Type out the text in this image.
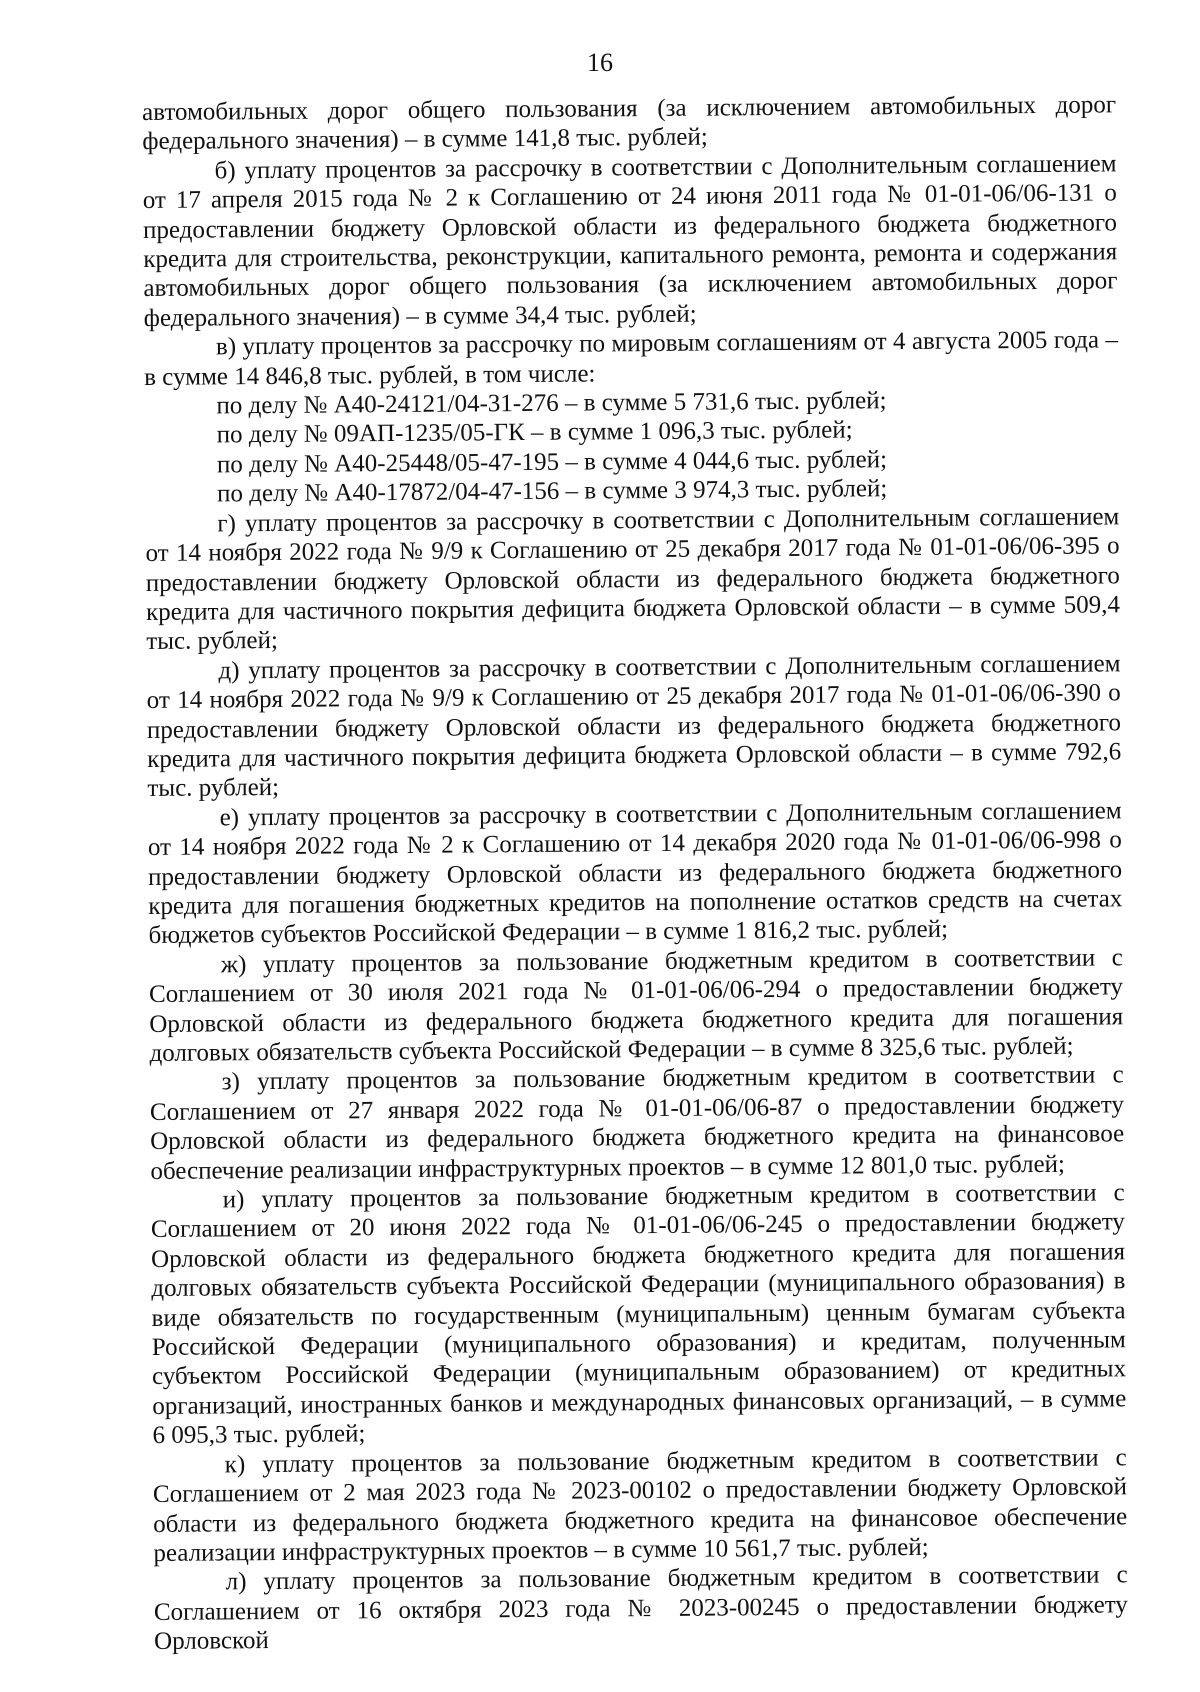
16

автомобильных дорог общего пользования (за исключением автомобильных дорог федерального значения) – в сумме 141,8 тыс. рублей;

б) уплату процентов за рассрочку в соответствии с Дополнительным соглашением от 17 апреля 2015 года № 2 к Соглашению от 24 июня 2011 года № 01-01-06/06-131 о предоставлении бюджету Орловской области из федерального бюджета бюджетного кредита для строительства, реконструкции, капитального ремонта, ремонта и содержания автомобильных дорог общего пользования (за исключением автомобильных дорог федерального значения) – в сумме 34,4 тыс. рублей;

в) уплату процентов за рассрочку по мировым соглашениям от 4 августа 2005 года – в сумме 14 846,8 тыс. рублей, в том числе:

по делу № А40-24121/04-31-276 – в сумме 5 731,6 тыс. рублей;

по делу № 09АП-1235/05-ГК – в сумме 1 096,3 тыс. рублей;

по делу № А40-25448/05-47-195 – в сумме 4 044,6 тыс. рублей;

по делу № А40-17872/04-47-156 – в сумме 3 974,3 тыс. рублей;

г) уплату процентов за рассрочку в соответствии с Дополнительным соглашением от 14 ноября 2022 года № 9/9 к Соглашению от 25 декабря 2017 года № 01-01-06/06-395 о предоставлении бюджету Орловской области из федерального бюджета бюджетного кредита для частичного покрытия дефицита бюджета Орловской области – в сумме 509,4 тыс. рублей;

д) уплату процентов за рассрочку в соответствии с Дополнительным соглашением от 14 ноября 2022 года № 9/9 к Соглашению от 25 декабря 2017 года № 01-01-06/06-390 о предоставлении бюджету Орловской области из федерального бюджета бюджетного кредита для частичного покрытия дефицита бюджета Орловской области – в сумме 792,6 тыс. рублей;

е) уплату процентов за рассрочку в соответствии с Дополнительным соглашением от 14 ноября 2022 года № 2 к Соглашению от 14 декабря 2020 года № 01-01-06/06-998 о предоставлении бюджету Орловской области из федерального бюджета бюджетного кредита для погашения бюджетных кредитов на пополнение остатков средств на счетах бюджетов субъектов Российской Федерации – в сумме 1 816,2 тыс. рублей;

ж) уплату процентов за пользование бюджетным кредитом в соответствии с Соглашением от 30 июля 2021 года № 01-01-06/06-294 о предоставлении бюджету Орловской области из федерального бюджета бюджетного кредита для погашения долговых обязательств субъекта Российской Федерации – в сумме 8 325,6 тыс. рублей;

з) уплату процентов за пользование бюджетным кредитом в соответствии с Соглашением от 27 января 2022 года № 01-01-06/06-87 о предоставлении бюджету Орловской области из федерального бюджета бюджетного кредита на финансовое обеспечение реализации инфраструктурных проектов – в сумме 12 801,0 тыс. рублей;

и) уплату процентов за пользование бюджетным кредитом в соответствии с Соглашением от 20 июня 2022 года № 01-01-06/06-245 о предоставлении бюджету Орловской области из федерального бюджета бюджетного кредита для погашения долговых обязательств субъекта Российской Федерации (муниципального образования) в виде обязательств по государственным (муниципальным) ценным бумагам субъекта Российской Федерации (муниципального образования) и кредитам, полученным субъектом Российской Федерации (муниципальным образованием) от кредитных организаций, иностранных банков и международных финансовых организаций, – в сумме 6 095,3 тыс. рублей;

к) уплату процентов за пользование бюджетным кредитом в соответствии с Соглашением от 2 мая 2023 года № 2023-00102 о предоставлении бюджету Орловской области из федерального бюджета бюджетного кредита на финансовое обеспечение реализации инфраструктурных проектов – в сумме 10 561,7 тыс. рублей;

л) уплату процентов за пользование бюджетным кредитом в соответствии с Соглашением от 16 октября 2023 года № 2023-00245 о предоставлении бюджету Орловской
